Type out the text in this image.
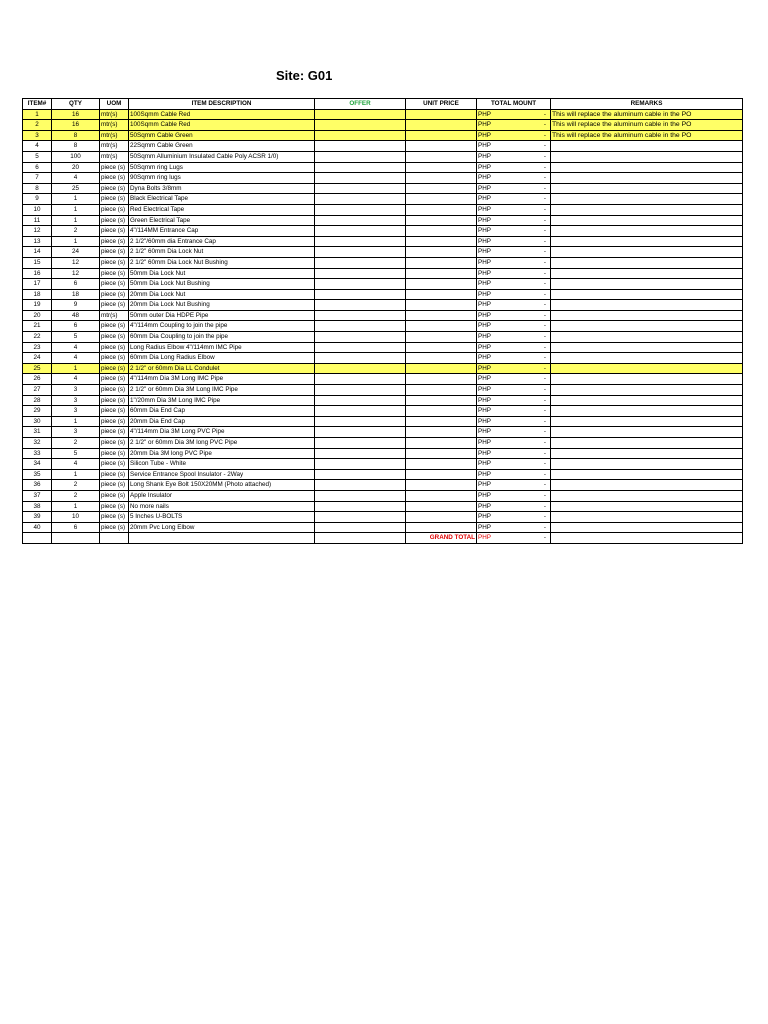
Site: G01
ITEM#	QTY	UOM	ITEM DESCRIPTION	OFFER	UNIT PRICE	TOTAL MOUNT	REMARKS
1	16	mtr(s)	100Sqmm Cable Red			PHP -	This will replace the aluminum cable in the PO
2	16	mtr(s)	100Sqmm Cable Red			PHP -	This will replace the aluminum cable in the PO
3	8	mtr(s)	50Sqmm Cable Green			PHP -	This will replace the aluminum cable in the PO
4	8	mtr(s)	22Sqmm Cable Green			PHP -	

5	100	mtr(s)	50Sqmm Alluminium Insulated Cable Poly ACSR 1/0)			PHP -	

6	20	piece (s)	50Sqmm ring Lugs			PHP -	

7	4	piece (s)	90Sqmm ring lugs			PHP -	

8	25	piece (s)	Dyna Bolts 3/8mm			PHP -	

9	1	piece (s)	Black Electrical Tape			PHP -	

10	1	piece (s)	Red Electrical Tape			PHP -	

11	1	piece (s)	Green Electrical Tape			PHP -	

12	2	piece (s)	4"/114MM Entrance Cap			PHP -	

13	1	piece (s)	2 1/2"/60mm dia Entrance Cap			PHP -	

14	24	piece (s)	2 1/2" 60mm Dia Lock Nut			PHP -	

15	12	piece (s)	2 1/2" 60mm Dia Lock Nut Bushing			PHP -	

16	12	piece (s)	50mm Dia Lock Nut			PHP -	

17	6	piece (s)	50mm Dia Lock Nut Bushing			PHP -	

18	18	piece (s)	20mm Dia Lock Nut			PHP -	

19	9	piece (s)	20mm Dia Lock Nut Bushing			PHP -	

20	48	mtr(s)	50mm outer Dia HDPE Pipe			PHP -	

21	6	piece (s)	4"/114mm Coupling to join the pipe			PHP -	

22	5	piece (s)	60mm Dia Coupling to join the pipe			PHP -	

23	4	piece (s)	Long Radius Elbow 4"/114mm IMC Pipe			PHP -	

24	4	piece (s)	60mm Dia Long Radius Elbow			PHP -	

25	1	piece (s)	2 1/2" or 60mm Dia LL Condulet			PHP -	

26	4	piece (s)	4"/114mm Dia 3M Long IMC Pipe			PHP -	

27	3	piece (s)	2 1/2" or 60mm Dia 3M Long IMC Pipe			PHP -	

28	3	piece (s)	1"/20mm Dia 3M Long IMC Pipe			PHP -	

29	3	piece (s)	60mm Dia End Cap			PHP -	

30	1	piece (s)	20mm Dia End Cap			PHP -	

31	3	piece (s)	4"/114mm Dia 3M Long PVC Pipe			PHP -	

32	2	piece (s)	2 1/2" or 60mm Dia 3M long PVC Pipe			PHP -	

33	5	piece (s)	20mm Dia 3M long PVC Pipe			PHP -	

34	4	piece (s)	Silicon Tube - White			PHP -	

35	1	piece (s)	Service Entrance Spool Insulator - 2Way			PHP -	

36	2	piece (s)	Long Shank Eye Bolt 150X20MM (Photo attached)			PHP -	

37	2	piece (s)	Apple Insulator			PHP -	

38	1	piece (s)	No more nails			PHP -	

39	10	piece (s)	5 Inches U-BOLTS			PHP -	

40	6	piece (s)	20mm Pvc Long Elbow			PHP -	

					GRAND TOTAL	PHP -	
